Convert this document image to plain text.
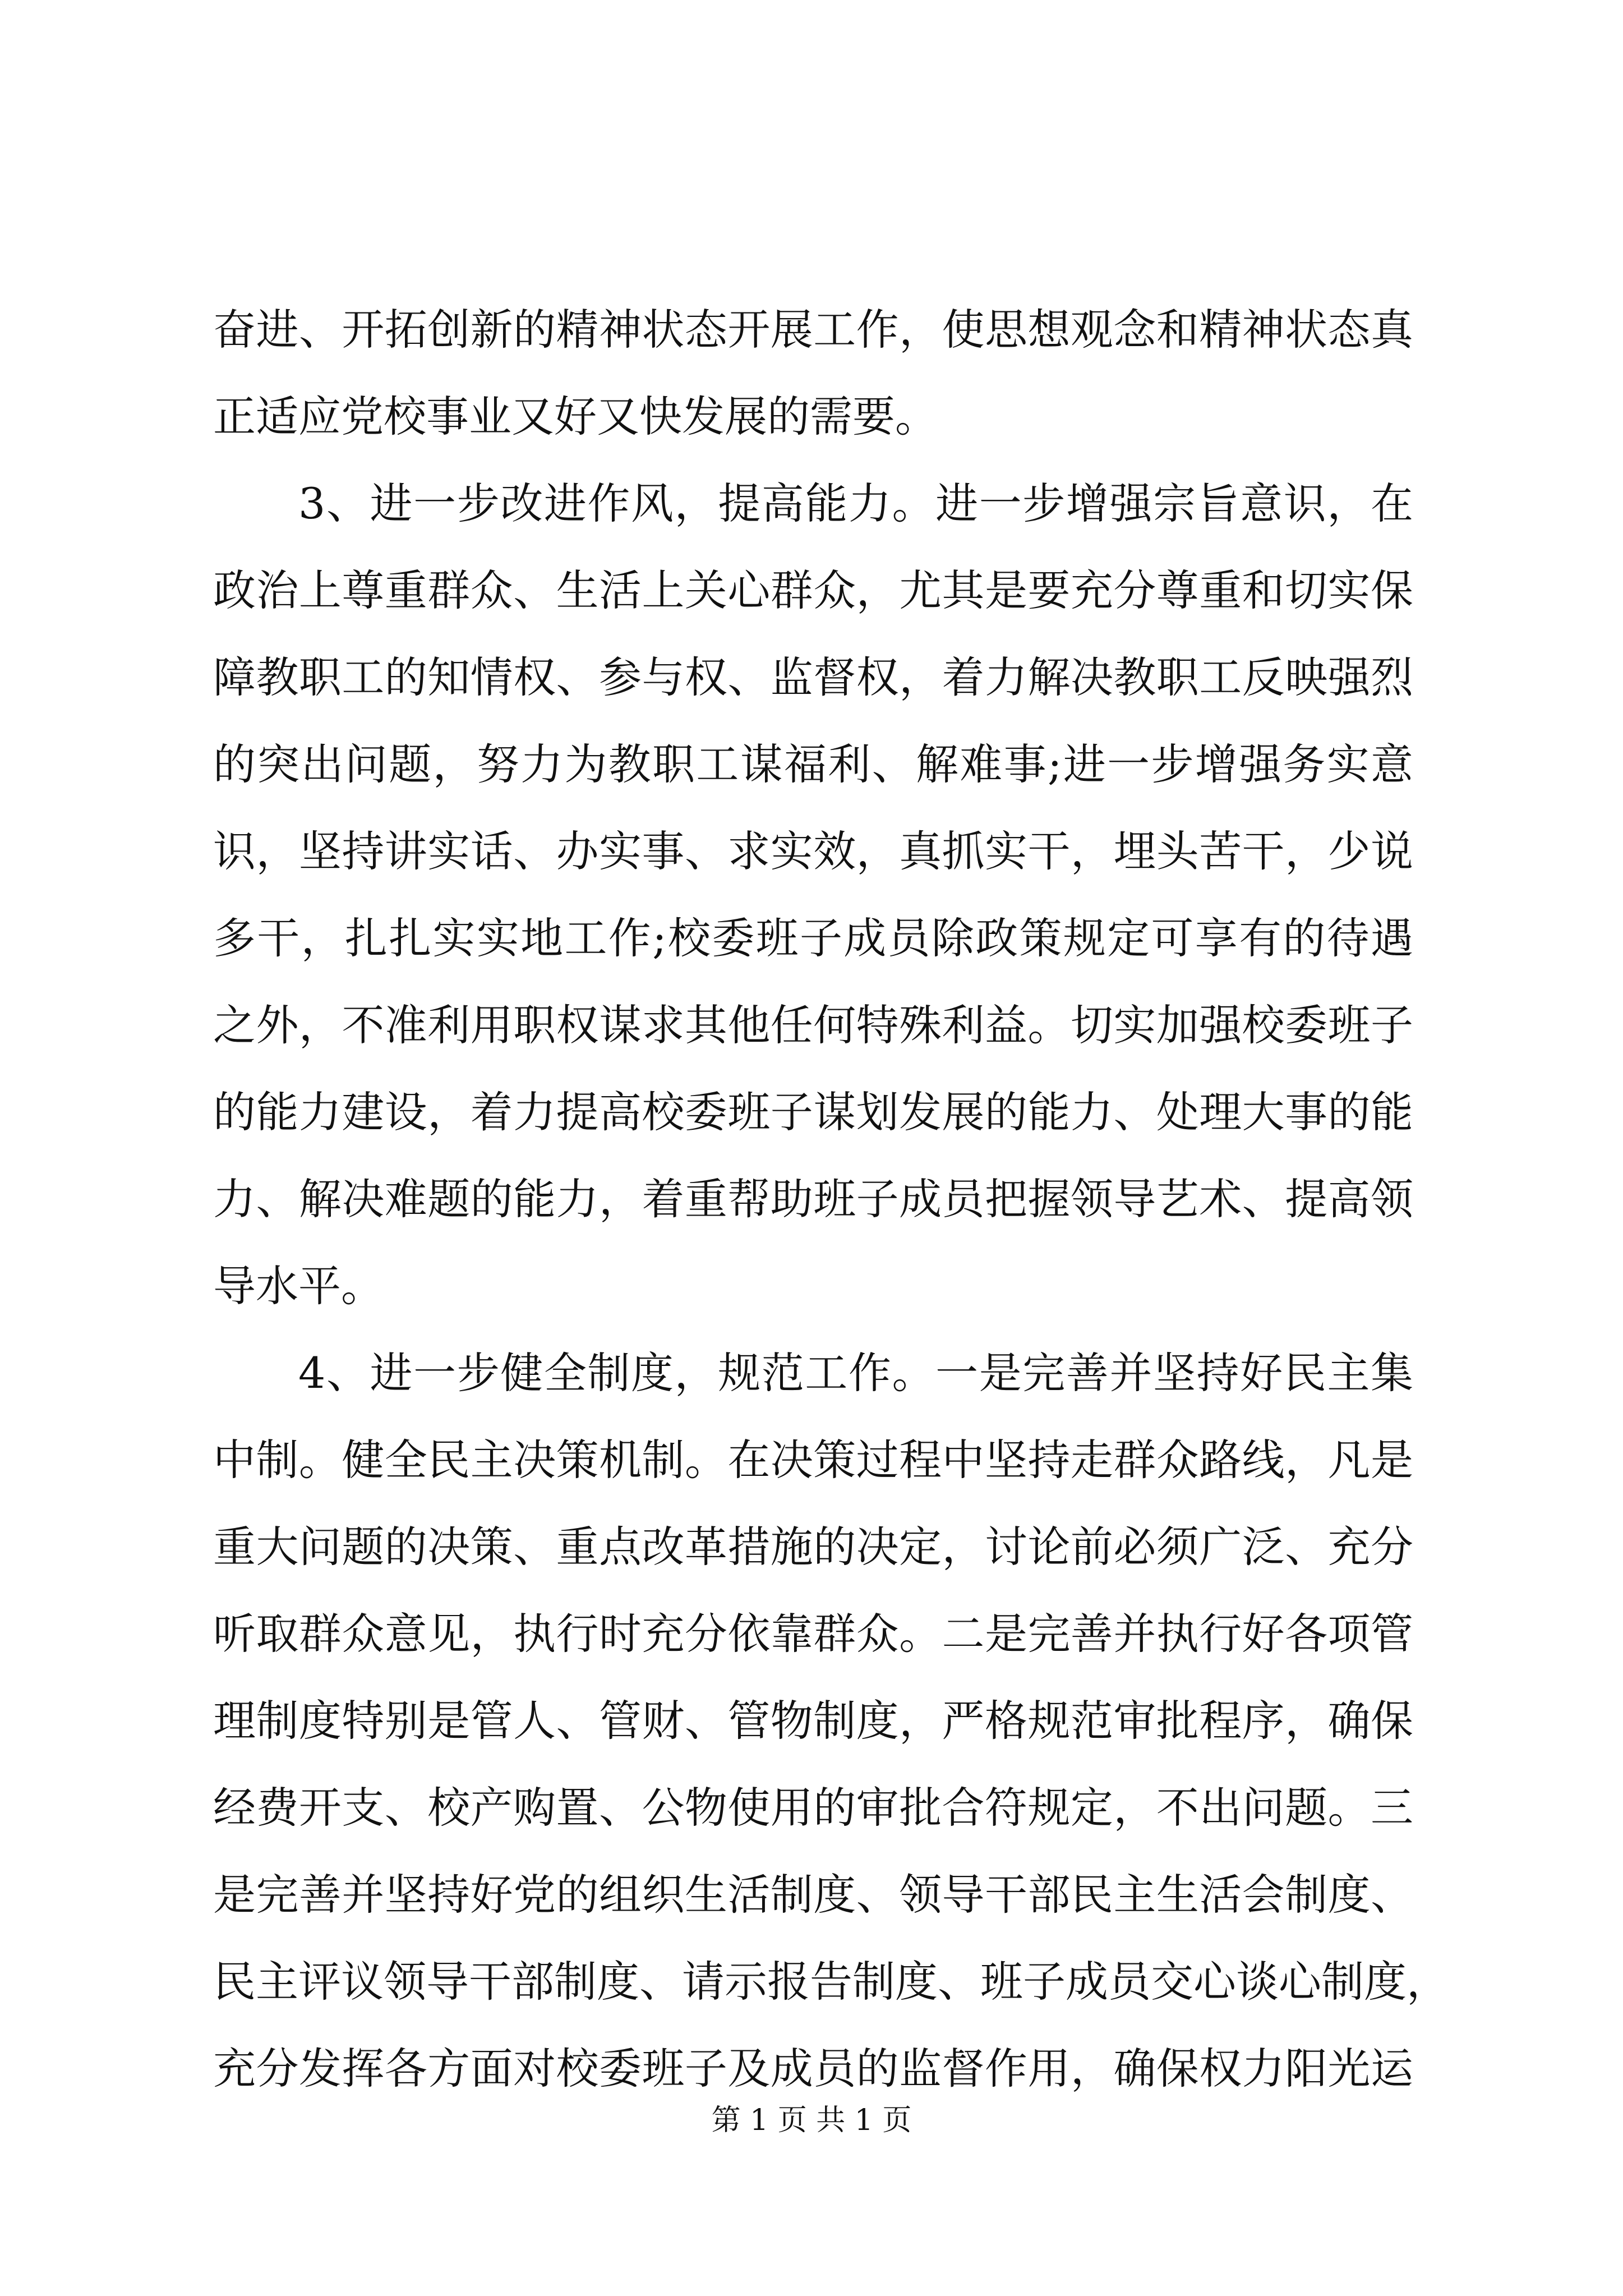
奋进、开拓创新的精神状态开展工作，使思想观念和精神状态真
正适应党校事业又好又快发展的需要。
3、进一步改进作风，提高能力。进一步增强宗旨意识，在
政治上尊重群众、生活上关心群众，尤其是要充分尊重和切实保
障教职工的知情权、参与权、监督权，着力解决教职工反映强烈
的突出问题，努力为教职工谋福利、解难事;进一步增强务实意
识，坚持讲实话、办实事、求实效，真抓实干，埋头苦干，少说
多干，扎扎实实地工作;校委班子成员除政策规定可享有的待遇
之外，不准利用职权谋求其他任何特殊利益。切实加强校委班子
的能力建设，着力提高校委班子谋划发展的能力、处理大事的能
力、解决难题的能力，着重帮助班子成员把握领导艺术、提高领
导水平。
4、进一步健全制度，规范工作。一是完善并坚持好民主集
中制。健全民主决策机制。在决策过程中坚持走群众路线，凡是
重大问题的决策、重点改革措施的决定，讨论前必须广泛、充分
听取群众意见，执行时充分依靠群众。二是完善并执行好各项管
理制度特别是管人、管财、管物制度，严格规范审批程序，确保
经费开支、校产购置、公物使用的审批合符规定，不出问题。三
是完善并坚持好党的组织生活制度、领导干部民主生活会制度、
民主评议领导干部制度、请示报告制度、班子成员交心谈心制度，
充分发挥各方面对校委班子及成员的监督作用，确保权力阳光运
第 1 页 共 1 页
